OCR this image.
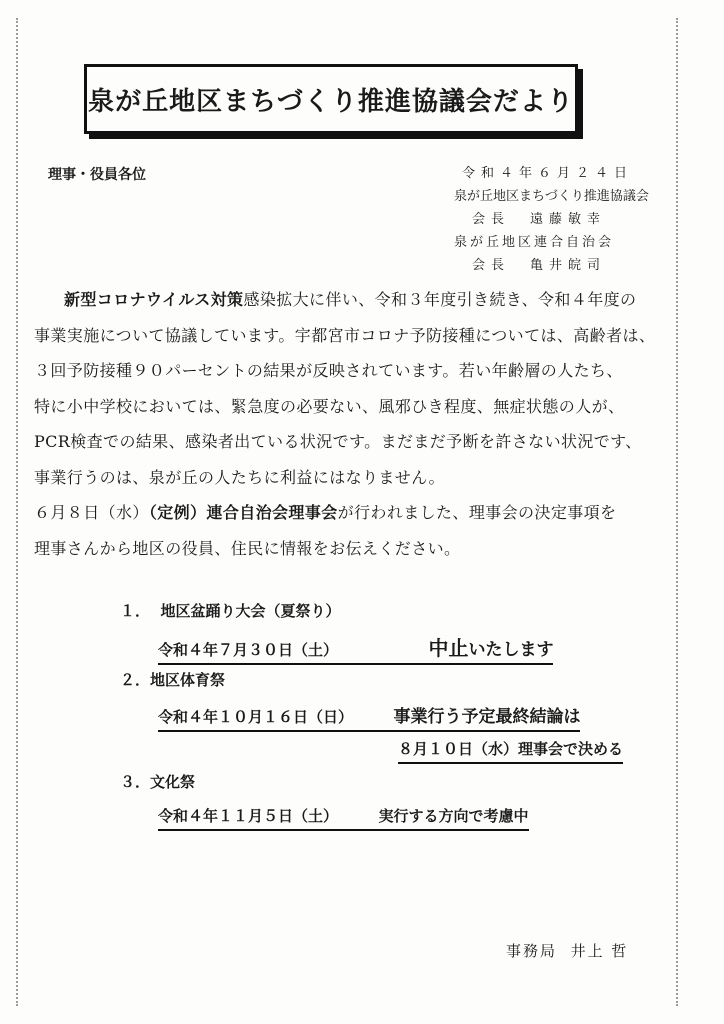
泉が丘地区まちづくり推進協議会だより
理事・役員各位	令和４年６月２４日
泉が丘地区まちづくり推進協議会
会長 遠藤敏幸
泉が丘地区連合自治会
会長 亀井皖司

新型コロナウイルス対策感染拡大に伴い、令和３年度引き続き、令和４年度の

事業実施について協議しています。宇都宮市コロナ予防接種については、高齢者は、

３回予防接種９０パーセントの結果が反映されています。若い年齢層の人たち、

特に小中学校においては、緊急度の必要ない、風邪ひき程度、無症状態の人が、

PCR検査での結果、感染者出ている状況です。まだまだ予断を許さない状況です、

事業行うのは、泉が丘の人たちに利益にはなりません。

６月８日（水）（定例）連合自治会理事会が行われました、理事会の決定事項を

理事さんから地区の役員、住民に情報をお伝えください。

１． 地区盆踊り大会（夏祭り）
令和４年７月３０日（土）	中止いたします
２．地区体育祭
令和４年１０月１６日（日） 事業行う予定最終結論は
８月１０日（水）理事会で決める
３．文化祭
令和４年１１月５日（土）	実行する方向で考慮中
事務局 井上 哲
